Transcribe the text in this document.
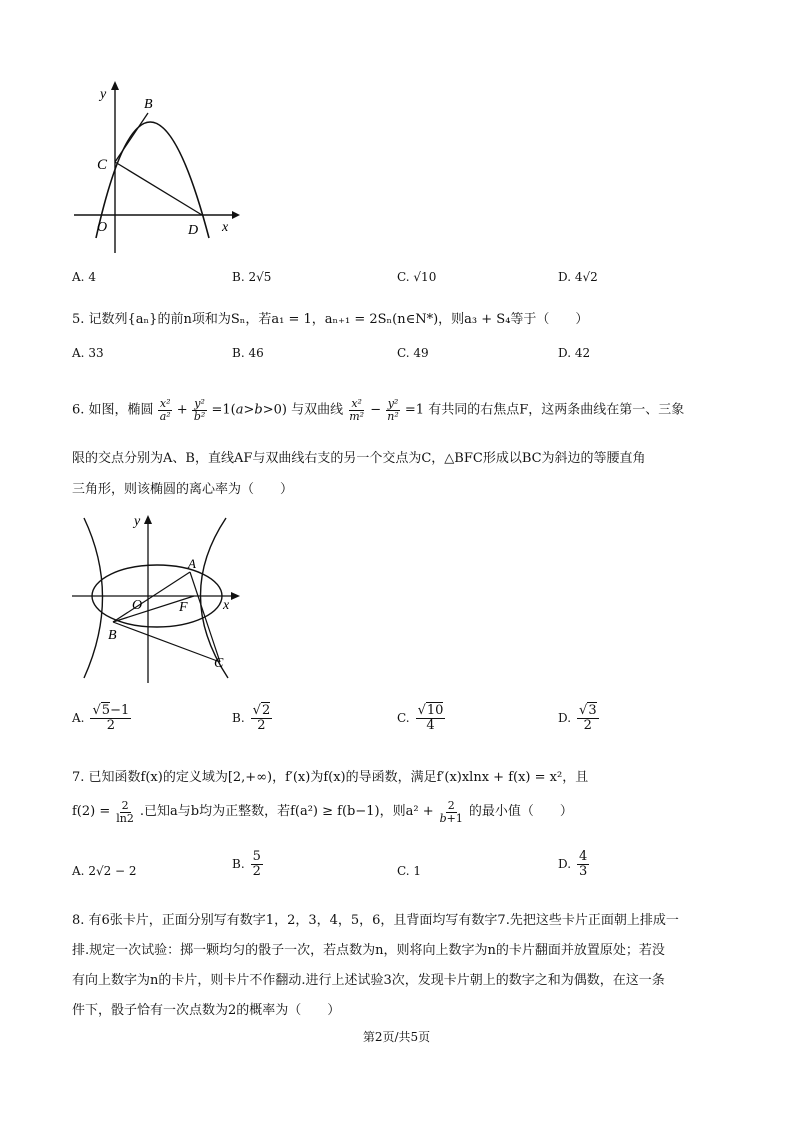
y
B
C
O	D x
A. 4	B. 2√5	C. √10	D. 4√2
5. 记数列{aₙ}的前n项和为Sₙ，若a₁ = 1，aₙ₊₁ = 2Sₙ(n∈N*)，则a₃ + S₄等于（　　）
A. 33	B. 46	C. 49	D. 42
6. 如图，椭圆 $\frac{\text{x²}}{\text{a²}} + \frac{\text{y²}}{\text{b²}} =1(a>b>0)$ 与双曲线 $\frac{\text{x²}}{\text{m²}} - \frac{\text{y²}}{\text{n²}} =1$ 有共同的右焦点F，这两条曲线在第一、三象
限的交点分别为A、B，直线AF与双曲线右支的另一个交点为C，△BFC形成以BC为斜边的等腰直角
三角形，则该椭圆的离心率为（　　）
y
A
O	F	x
B
C
A. $\frac{√5-1}{2}$	B. $\frac{√2}{2}$	C. $\frac{√10}{4}$	D. $\frac{√3}{2}$
7. 已知函数f(x)的定义域为[2,+∞)，f′(x)为f(x)的导函数，满足f′(x)xlnx + f(x) = x²，且
$f(2) = \frac{2}{\ln 2}$ .已知a与b均为正整数，若f(a²) ≥ f(b−1)，则$a^2 + \frac{2}{b+1}$ 的最小值（　　）
A. 2√2 − 2	B. $\frac{5}{2}$	C. 1	D. $\frac{4}{3}$
8. 有6张卡片，正面分别写有数字1，2，3，4，5，6，且背面均写有数字7.先把这些卡片正面朝上排成一
排.规定一次试验：掷一颗均匀的骰子一次，若点数为n，则将向上数字为n的卡片翻面并放置原处；若没
有向上数字为n的卡片，则卡片不作翻动.进行上述试验3次，发现卡片朝上的数字之和为偶数，在这一条
件下，骰子恰有一次点数为2的概率为（　　）
第2页/共5页
